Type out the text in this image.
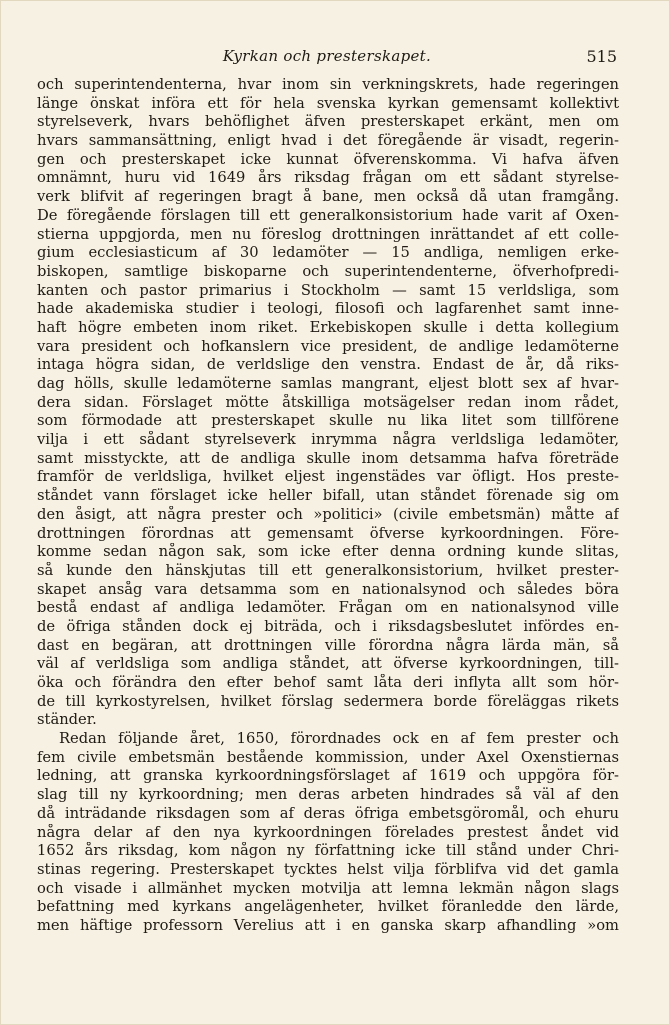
Kyrkan och presterskapet.	515
och superintendenterna, hvar inom sin verkningskrets, hade regeringen
länge önskat införa ett för hela svenska kyrkan gemensamt kollektivt
styrelseverk, hvars behöflighet äfven presterskapet erkänt, men om
hvars sammansättning, enligt hvad i det föregående är visadt, regerin-
gen och presterskapet icke kunnat öfverenskomma. Vi hafva äfven
omnämnt, huru vid 1649 års riksdag frågan om ett sådant styrelse-
verk blifvit af regeringen bragt å bane, men också då utan framgång.
De föregående förslagen till ett generalkonsistorium hade varit af Oxen-
stierna uppgjorda, men nu föreslog drottningen inrättandet af ett colle-
gium ecclesiasticum af 30 ledamöter — 15 andliga, nemligen erke-
biskopen, samtlige biskoparne och superintendenterne, öfverhofpredi-
kanten och pastor primarius i Stockholm — samt 15 verldsliga, som
hade akademiska studier i teologi, filosofi och lagfarenhet samt inne-
haft högre embeten inom riket. Erkebiskopen skulle i detta kollegium
vara president och hofkanslern vice president, de andlige ledamöterne
intaga högra sidan, de verldslige den venstra. Endast de år, då riks-
dag hölls, skulle ledamöterne samlas mangrant, eljest blott sex af hvar-
dera sidan. Förslaget mötte åtskilliga motsägelser redan inom rådet,
som förmodade att presterskapet skulle nu lika litet som tillförene
vilja i ett sådant styrelseverk inrymma några verldsliga ledamöter,
samt misstyckte, att de andliga skulle inom detsamma hafva företräde
framför de verldsliga, hvilket eljest ingenstädes var öfligt. Hos preste-
ståndet vann förslaget icke heller bifall, utan ståndet förenade sig om
den åsigt, att några prester och »politici» (civile embetsmän) måtte af
drottningen förordnas att gemensamt öfverse kyrkoordningen. Före-
komme sedan någon sak, som icke efter denna ordning kunde slitas,
så kunde den hänskjutas till ett generalkonsistorium, hvilket prester-
skapet ansåg vara detsamma som en nationalsynod och således böra
bestå endast af andliga ledamöter. Frågan om en nationalsynod ville
de öfriga stånden dock ej biträda, och i riksdagsbeslutet infördes en-
dast en begäran, att drottningen ville förordna några lärda män, så
väl af verldsliga som andliga ståndet, att öfverse kyrkoordningen, till-
öka och förändra den efter behof samt låta deri inflyta allt som hör-
de till kyrkostyrelsen, hvilket förslag sedermera borde föreläggas rikets
ständer.
Redan följande året, 1650, förordnades ock en af fem prester och
fem civile embetsmän bestående kommission, under Axel Oxenstiernas
ledning, att granska kyrkoordningsförslaget af 1619 och uppgöra för-
slag till ny kyrkoordning; men deras arbeten hindrades så väl af den
då inträdande riksdagen som af deras öfriga embetsgöromål, och ehuru
några delar af den nya kyrkoordningen förelades prestest åndet vid
1652 års riksdag, kom någon ny författning icke till stånd under Chri-
stinas regering. Presterskapet tycktes helst vilja förblifva vid det gamla
och visade i allmänhet mycken motvilja att lemna lekmän någon slags
befattning med kyrkans angelägenheter, hvilket föranledde den lärde,
men häftige professorn Verelius att i en ganska skarp afhandling »om
